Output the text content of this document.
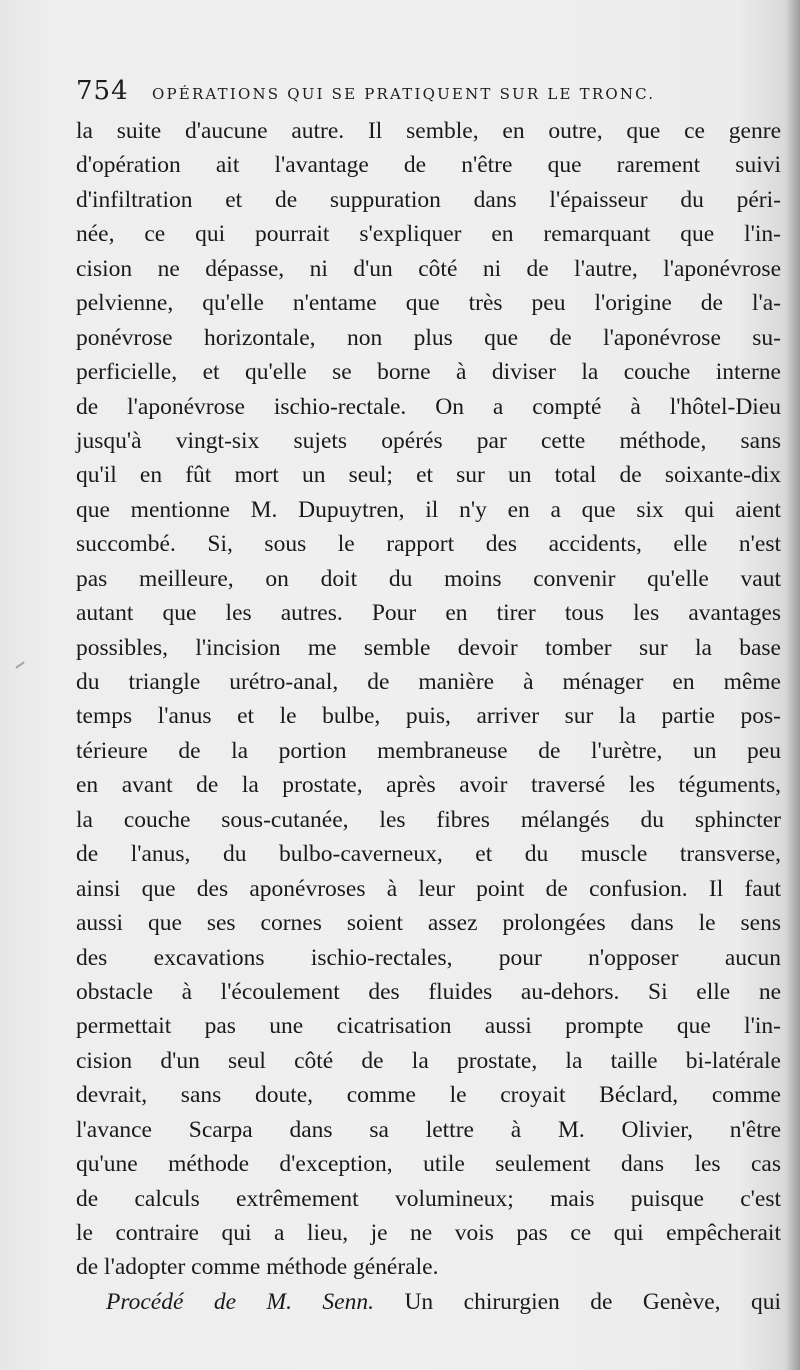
754 OPÉRATIONS QUI SE PRATIQUENT SUR LE TRONC.
la suite d'aucune autre. Il semble, en outre, que ce genre
d'opération ait l'avantage de n'être que rarement suivi
d'infiltration et de suppuration dans l'épaisseur du péri-
née, ce qui pourrait s'expliquer en remarquant que l'in-
cision ne dépasse, ni d'un côté ni de l'autre, l'aponévrose
pelvienne, qu'elle n'entame que très peu l'origine de l'a-
ponévrose horizontale, non plus que de l'aponévrose su-
perficielle, et qu'elle se borne à diviser la couche interne
de l'aponévrose ischio-rectale. On a compté à l'hôtel-Dieu
jusqu'à vingt-six sujets opérés par cette méthode, sans
qu'il en fût mort un seul; et sur un total de soixante-dix
que mentionne M. Dupuytren, il n'y en a que six qui aient
succombé. Si, sous le rapport des accidents, elle n'est
pas meilleure, on doit du moins convenir qu'elle vaut
autant que les autres. Pour en tirer tous les avantages
possibles, l'incision me semble devoir tomber sur la base
du triangle urétro-anal, de manière à ménager en même
temps l'anus et le bulbe, puis, arriver sur la partie pos-
térieure de la portion membraneuse de l'urètre, un peu
en avant de la prostate, après avoir traversé les téguments,
la couche sous-cutanée, les fibres mélangés du sphincter
de l'anus, du bulbo-caverneux, et du muscle transverse,
ainsi que des aponévroses à leur point de confusion. Il faut
aussi que ses cornes soient assez prolongées dans le sens
des excavations ischio-rectales, pour n'opposer aucun
obstacle à l'écoulement des fluides au-dehors. Si elle ne
permettait pas une cicatrisation aussi prompte que l'in-
cision d'un seul côté de la prostate, la taille bi-latérale
devrait, sans doute, comme le croyait Béclard, comme
l'avance Scarpa dans sa lettre à M. Olivier, n'être
qu'une méthode d'exception, utile seulement dans les cas
de calculs extrêmement volumineux; mais puisque c'est
le contraire qui a lieu, je ne vois pas ce qui empêcherait
de l'adopter comme méthode générale.
Procédé de M. Senn. Un chirurgien de Genève, qui
